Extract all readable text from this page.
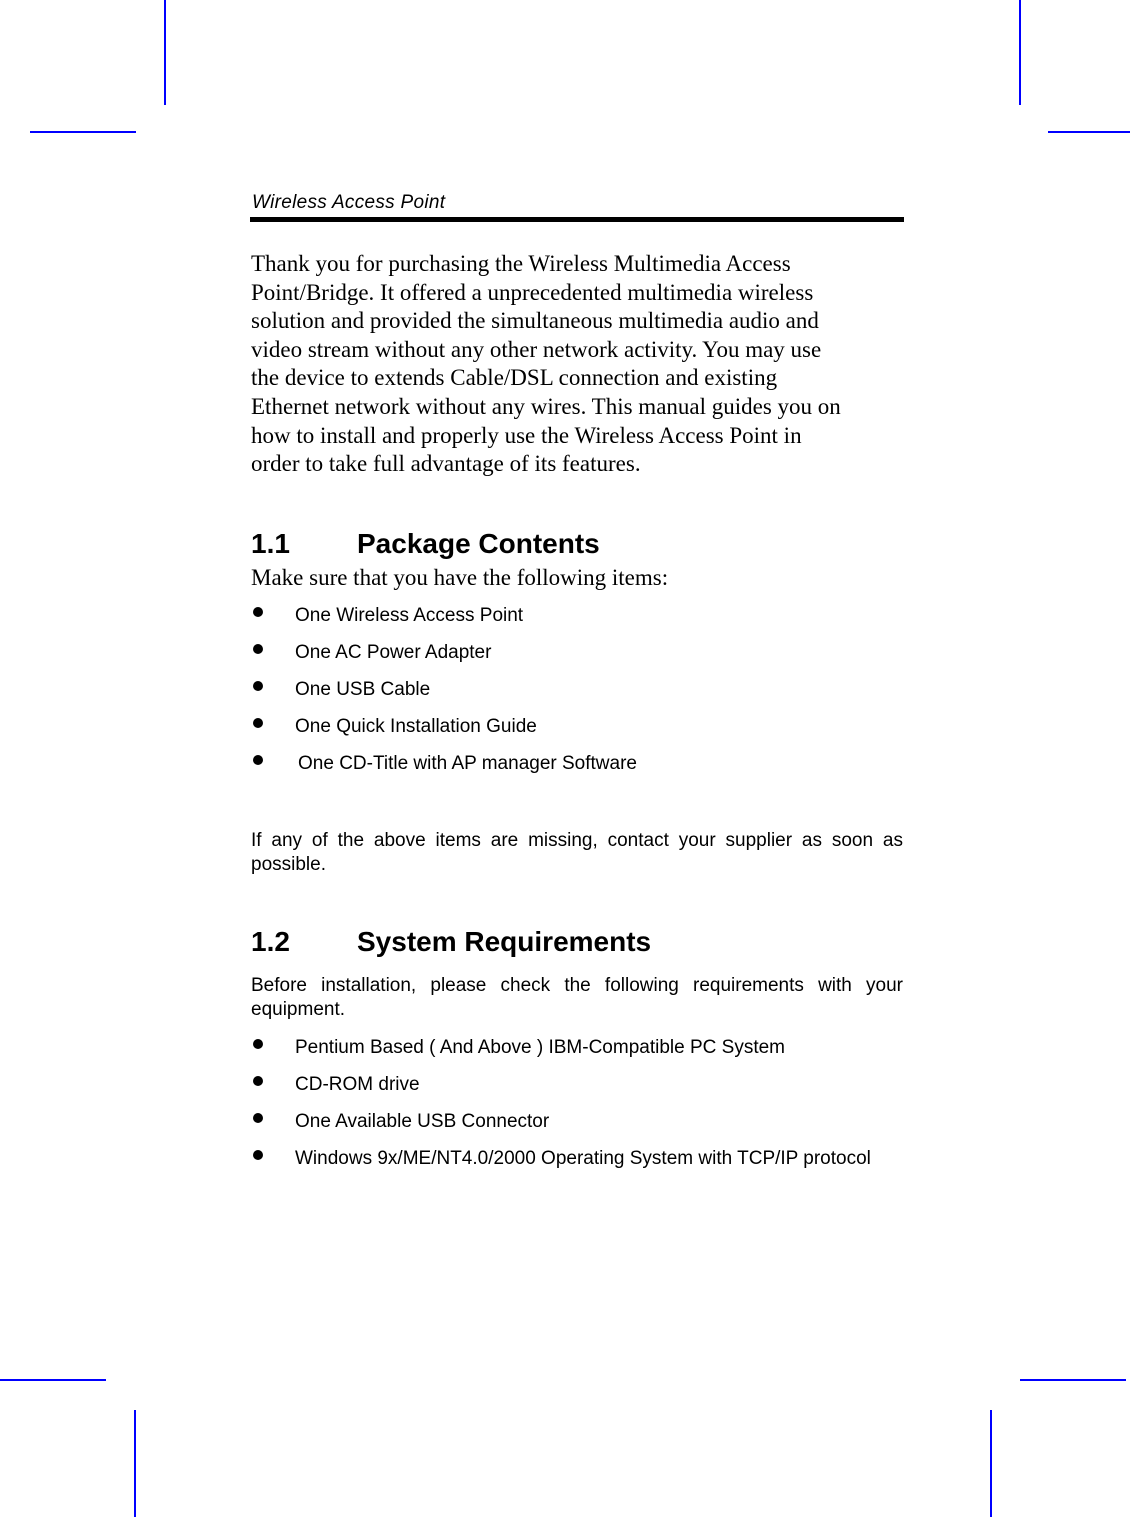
Wireless Access Point
Thank you for purchasing the Wireless Multimedia Access
Point/Bridge. It offered a unprecedented multimedia wireless
solution and provided the simultaneous multimedia audio and
video stream without any other network activity. You may use
the device to extends Cable/DSL connection and existing
Ethernet network without any wires. This manual guides you on
how to install and properly use the Wireless Access Point in
order to take full advantage of its features.
1.1 Package Contents
Make sure that you have the following items:
One Wireless Access Point
One AC Power Adapter
One USB Cable
One Quick Installation Guide
One CD-Title with AP manager Software
If any of the above items are missing, contact your supplier as soon as possible.
1.2 System Requirements
Before installation, please check the following requirements with your equipment.
Pentium Based ( And Above ) IBM-Compatible PC System
CD-ROM drive
One Available USB Connector
Windows 9x/ME/NT4.0/2000 Operating System with TCP/IP protocol
